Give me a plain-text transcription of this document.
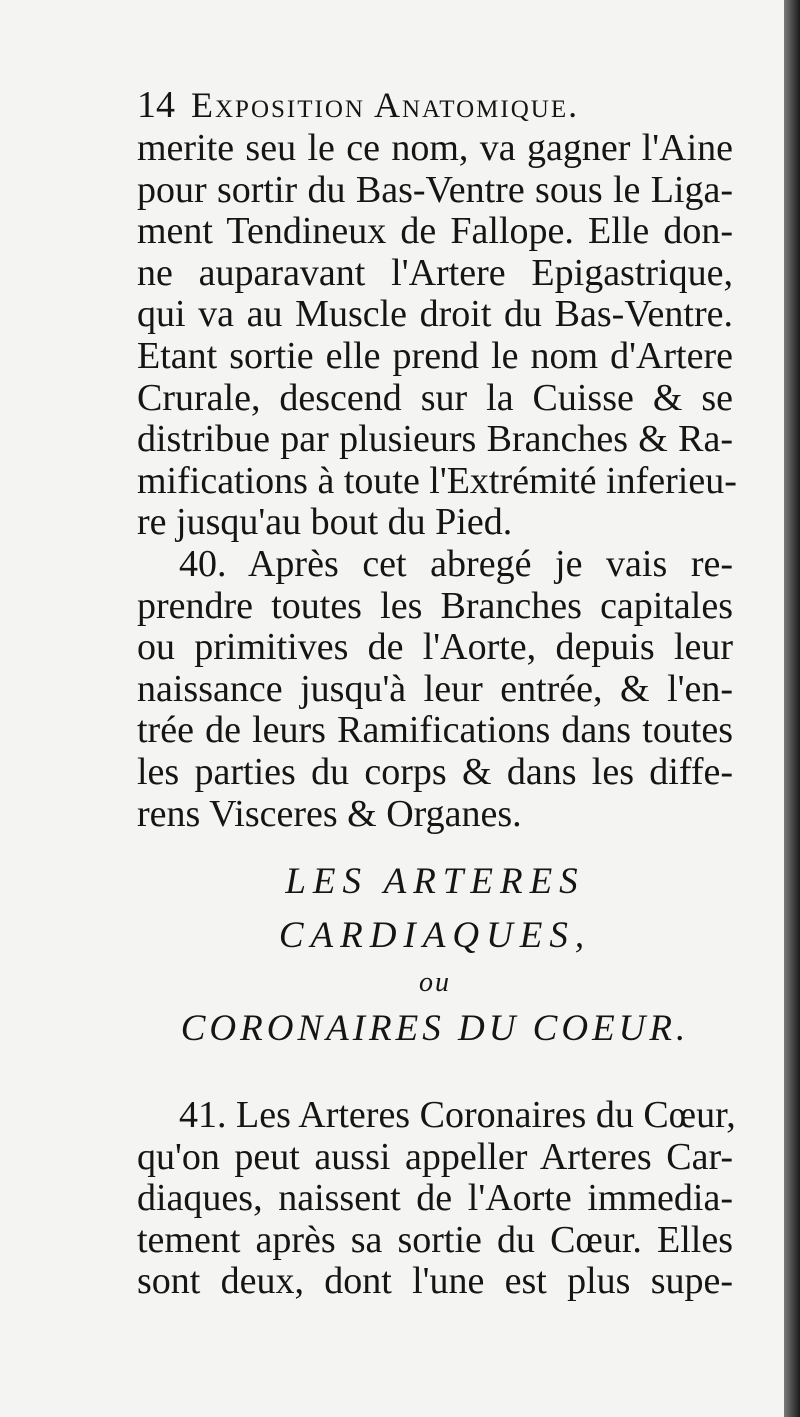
14 Exposition Anatomique.
merite seu le ce nom, va gagner l'Aine
pour sortir du Bas-Ventre sous le Liga-
ment Tendineux de Fallope. Elle don-
ne auparavant l'Artere Epigastrique,
qui va au Muscle droit du Bas-Ventre.
Etant sortie elle prend le nom d'Artere
Crurale, descend sur la Cuisse & se
distribue par plusieurs Branches & Ra-
mifications à toute l'Extrémité inferieu-
re jusqu'au bout du Pied.
40. Après cet abregé je vais re-
prendre toutes les Branches capitales
ou primitives de l'Aorte, depuis leur
naissance jusqu'à leur entrée, & l'en-
trée de leurs Ramifications dans toutes
les parties du corps & dans les diffe-
rens Visceres & Organes.
LES ARTERES
CARDIAQUES,
ou
CORONAIRES DU COEUR.
41. Les Arteres Coronaires du Cœur,
qu'on peut aussi appeller Arteres Car-
diaques, naissent de l'Aorte immedia-
tement après sa sortie du Cœur. Elles
sont deux, dont l'une est plus supe-
